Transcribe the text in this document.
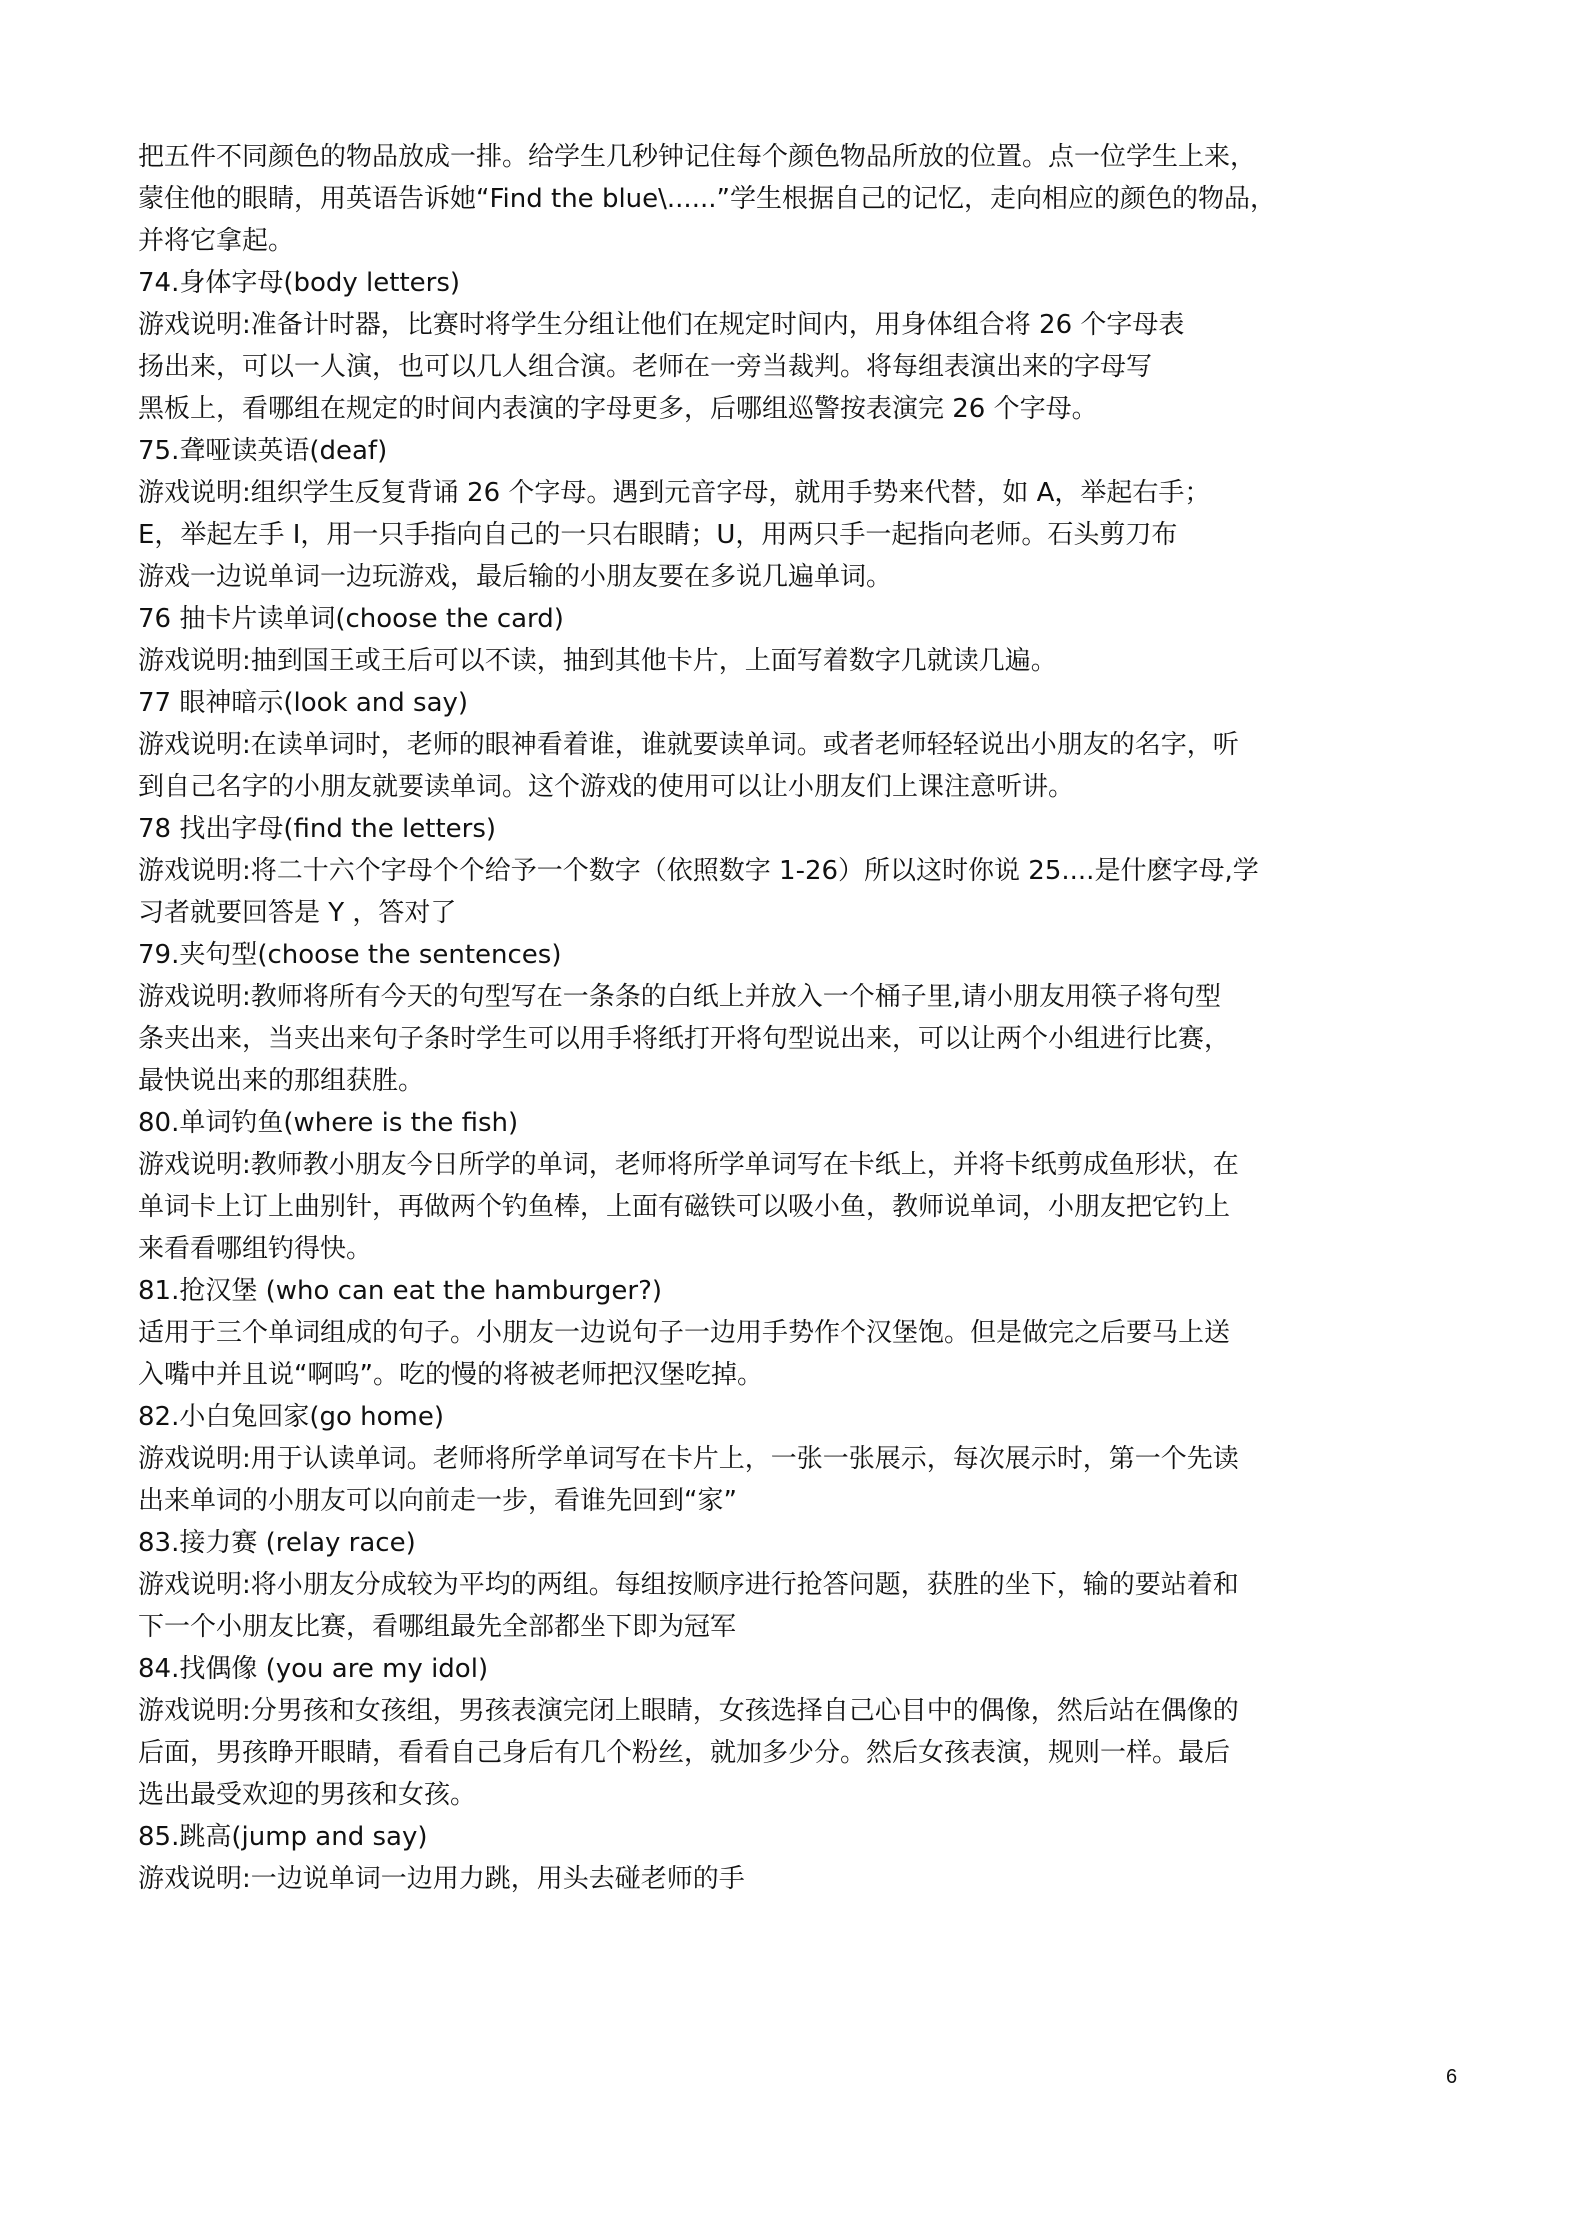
把五件不同颜色的物品放成一排。给学生几秒钟记住每个颜色物品所放的位置。点一位学生上来，

蒙住他的眼睛，用英语告诉她“Find the blue\......”学生根据自己的记忆，走向相应的颜色的物品，

并将它拿起。

74.身体字母(body letters)

游戏说明:准备计时器，比赛时将学生分组让他们在规定时间内，用身体组合将 26 个字母表

扬出来，可以一人演，也可以几人组合演。老师在一旁当裁判。将每组表演出来的字母写

黑板上，看哪组在规定的时间内表演的字母更多，后哪组巡警按表演完 26 个字母。

75.聋哑读英语(deaf)

游戏说明:组织学生反复背诵 26 个字母。遇到元音字母，就用手势来代替，如 A，举起右手；

E，举起左手 I，用一只手指向自己的一只右眼睛；U，用两只手一起指向老师。石头剪刀布

游戏一边说单词一边玩游戏，最后输的小朋友要在多说几遍单词。

76 抽卡片读单词(choose the card)

游戏说明:抽到国王或王后可以不读，抽到其他卡片，上面写着数字几就读几遍。

77 眼神暗示(look and say)

游戏说明:在读单词时，老师的眼神看着谁，谁就要读单词。或者老师轻轻说出小朋友的名字，听

到自己名字的小朋友就要读单词。这个游戏的使用可以让小朋友们上课注意听讲。

78 找出字母(find the letters)

游戏说明:将二十六个字母个个给予一个数字（依照数字 1-26）所以这时你说 25....是什麽字母,学

习者就要回答是 Y ，答对了

79.夹句型(choose the sentences)

游戏说明:教师将所有今天的句型写在一条条的白纸上并放入一个桶子里,请小朋友用筷子将句型

条夹出来，当夹出来句子条时学生可以用手将纸打开将句型说出来，可以让两个小组进行比赛，

最快说出来的那组获胜。

80.单词钓鱼(where is the fish)

游戏说明:教师教小朋友今日所学的单词，老师将所学单词写在卡纸上，并将卡纸剪成鱼形状，在

单词卡上订上曲别针，再做两个钓鱼棒，上面有磁铁可以吸小鱼，教师说单词，小朋友把它钓上

来看看哪组钓得快。

81.抢汉堡 (who can eat the hamburger?)

适用于三个单词组成的句子。小朋友一边说句子一边用手势作个汉堡饱。但是做完之后要马上送

入嘴中并且说“啊呜”。吃的慢的将被老师把汉堡吃掉。

82.小白兔回家(go home)

游戏说明:用于认读单词。老师将所学单词写在卡片上，一张一张展示，每次展示时，第一个先读

出来单词的小朋友可以向前走一步，看谁先回到“家”

83.接力赛 (relay race)

游戏说明:将小朋友分成较为平均的两组。每组按顺序进行抢答问题，获胜的坐下，输的要站着和

下一个小朋友比赛，看哪组最先全部都坐下即为冠军

84.找偶像 (you are my idol)

游戏说明:分男孩和女孩组，男孩表演完闭上眼睛，女孩选择自己心目中的偶像，然后站在偶像的

后面，男孩睁开眼睛，看看自己身后有几个粉丝，就加多少分。然后女孩表演，规则一样。最后

选出最受欢迎的男孩和女孩。

85.跳高(jump and say)

游戏说明:一边说单词一边用力跳，用头去碰老师的手

6
